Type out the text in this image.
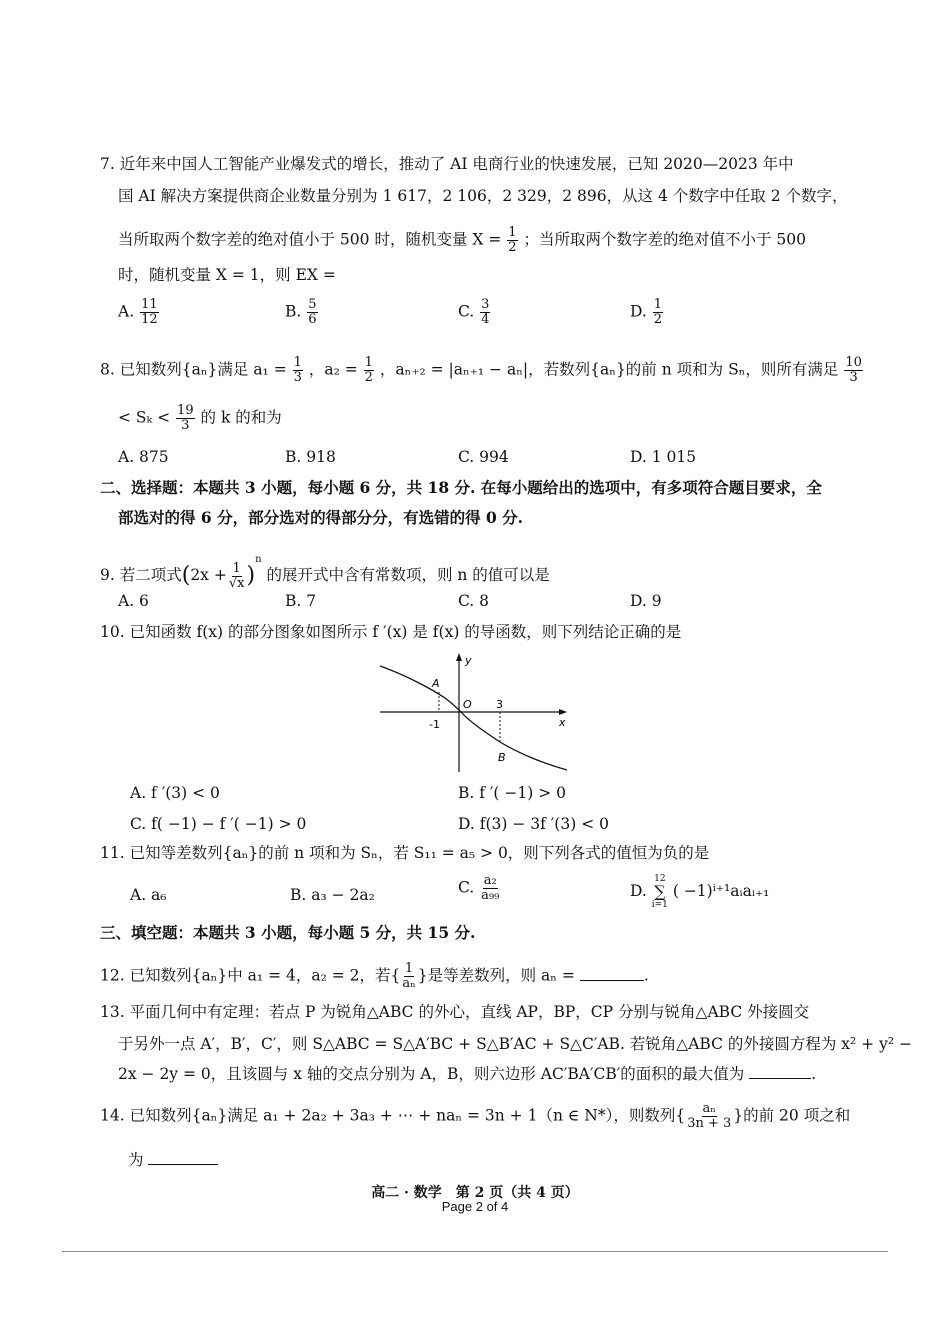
7. 近年来中国人工智能产业爆发式的增长，推动了 AI 电商行业的快速发展，已知 2020—2023 年中
国 AI 解决方案提供商企业数量分别为 1 617，2 106，2 329，2 896，从这 4 个数字中任取 2 个数字，
当所取两个数字差的绝对值小于 500 时，随机变量 $X = \frac{1}{2}$ ；当所取两个数字差的绝对值不小于 500
时，随机变量 X = 1，则 EX =
A. $\frac{11}{12}$	B. $\frac{5}{6}$	C. $\frac{3}{4}$	D. $\frac{1}{2}$
8. 已知数列{aₙ}满足 $a_1 = \frac{1}{3}$ ，$a_2 = \frac{1}{2}$ ，aₙ₊₂ = |aₙ₊₁ − aₙ|，若数列{aₙ}的前 n 项和为 Sₙ，则所有满足 $\frac{10}{3}$
< $S_k < \frac{19}{3}$ 的 k 的和为
A. 875	B. 918	C. 994	D. 1 015
二、选择题：本题共 3 小题，每小题 6 分，共 18 分. 在每小题给出的选项中，有多项符合题目要求，全
部选对的得 6 分，部分选对的得部分分，有选错的得 0 分.
9. 若二项式$(2x + \frac{1}{√x} )^n$ 的展开式中含有常数项，则 n 的值可以是
A. 6	B. 7	C. 8	D. 9
10. 已知函数 f(x) 的部分图象如图所示 f ′(x) 是 f(x) 的导函数，则下列结论正确的是
y
x
O
A
B
-1
3
A. f ′(3) < 0	B. f ′( −1) > 0
C. f( −1) − f ′( −1) > 0	D. f(3) − 3f ′(3) < 0
11. 已知等差数列{aₙ}的前 n 项和为 Sₙ，若 S₁₁ = a₅ > 0，则下列各式的值恒为负的是
A. a₆	B. a₃ − 2a₂	C. $\frac{\text{a₂}}{\text{a₉₉}}$	D.
12
∑
i=1
( −1)ⁱ⁺¹aᵢaᵢ₊₁
三、填空题：本题共 3 小题，每小题 5 分，共 15 分.
12. 已知数列{aₙ}中 a₁ = 4，a₂ = 2，若{ $\frac{1}{\text{aₙ}}$ }是等差数列，则 aₙ =	.
13. 平面几何中有定理：若点 P 为锐角△ABC 的外心，直线 AP，BP，CP 分别与锐角△ABC 外接圆交
于另外一点 A′，B′，C′，则 S△ABC = S△A′BC + S△B′AC + S△C′AB. 若锐角△ABC 的外接圆方程为 x² + y² −
2x − 2y = 0，且该圆与 x 轴的交点分别为 A，B，则六边形 AC′BA′CB′的面积的最大值为	.
14. 已知数列{aₙ}满足 a₁ + 2a₂ + 3a₃ + ⋯ + naₙ = 3n + 1（n ∈ N*），则数列{ $\frac{\text{aₙ}}{3n + 3}$ }的前 20 项之和
为
高二 · 数学　第 2 页（共 4 页）
Page 2 of 4
